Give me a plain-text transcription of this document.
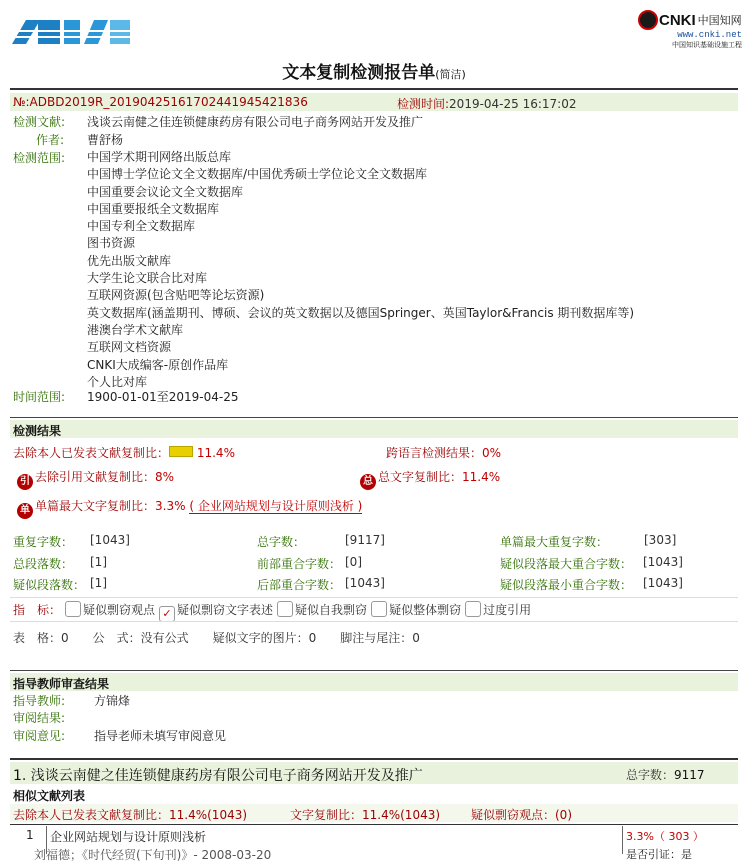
CNKI 中国知网
www.cnki.net
中国知识基础设施工程
文本复制检测报告单(简洁)
№:ADBD2019R_20190425161702441945421836	检测时间:2019-04-25 16:17:02
检测文献: 浅谈云南健之佳连锁健康药房有限公司电子商务网站开发及推广
作者: 曹舒杨
检测范围: 中国学术期刊网络出版总库
中国博士学位论文全文数据库/中国优秀硕士学位论文全文数据库
中国重要会议论文全文数据库
中国重要报纸全文数据库
中国专利全文数据库
图书资源
优先出版文献库
大学生论文联合比对库
互联网资源(包含贴吧等论坛资源)
英文数据库(涵盖期刊、博硕、会议的英文数据以及德国Springer、英国Taylor&Francis 期刊数据库等)
港澳台学术文献库
互联网文档资源
CNKI大成编客-原创作品库
个人比对库
时间范围: 1900-01-01至2019-04-25
检测结果
去除本人已发表文献复制比： 11.4%	跨语言检测结果：0%
引 去除引用文献复制比：8%	总 总文字复制比：11.4%
单 单篇最大文字复制比：3.3% ( 企业网站规划与设计原则浅析 )
重复字数： [1043]	总字数：	[9117]	单篇最大重复字数：	[303]
总段落数： [1]	前部重合字数： [0]	疑似段落最大重合字数： [1043]
疑似段落数： [1]	后部重合字数： [1043]	疑似段落最小重合字数： [1043]
指　标： 疑似剽窃观点 ✓ 疑似剽窃文字表述 疑似自我剽窃 疑似整体剽窃 过度引用
表　格：0　　公　式：没有公式　　疑似文字的图片：0　　脚注与尾注：0
指导教师审查结果
指导教师: 方锦烽
审阅结果:
审阅意见: 指导老师未填写审阅意见
1. 浅谈云南健之佳连锁健康药房有限公司电子商务网站开发及推广	总字数：9117
相似文献列表
去除本人已发表文献复制比：11.4%(1043)	文字复制比：11.4%(1043)	疑似剽窃观点：(0)
1 企业网站规划与设计原则浅析
刘福德；《时代经贸(下旬刊)》- 2008-03-20
3.3%（ 303 ）
是否引证：是
